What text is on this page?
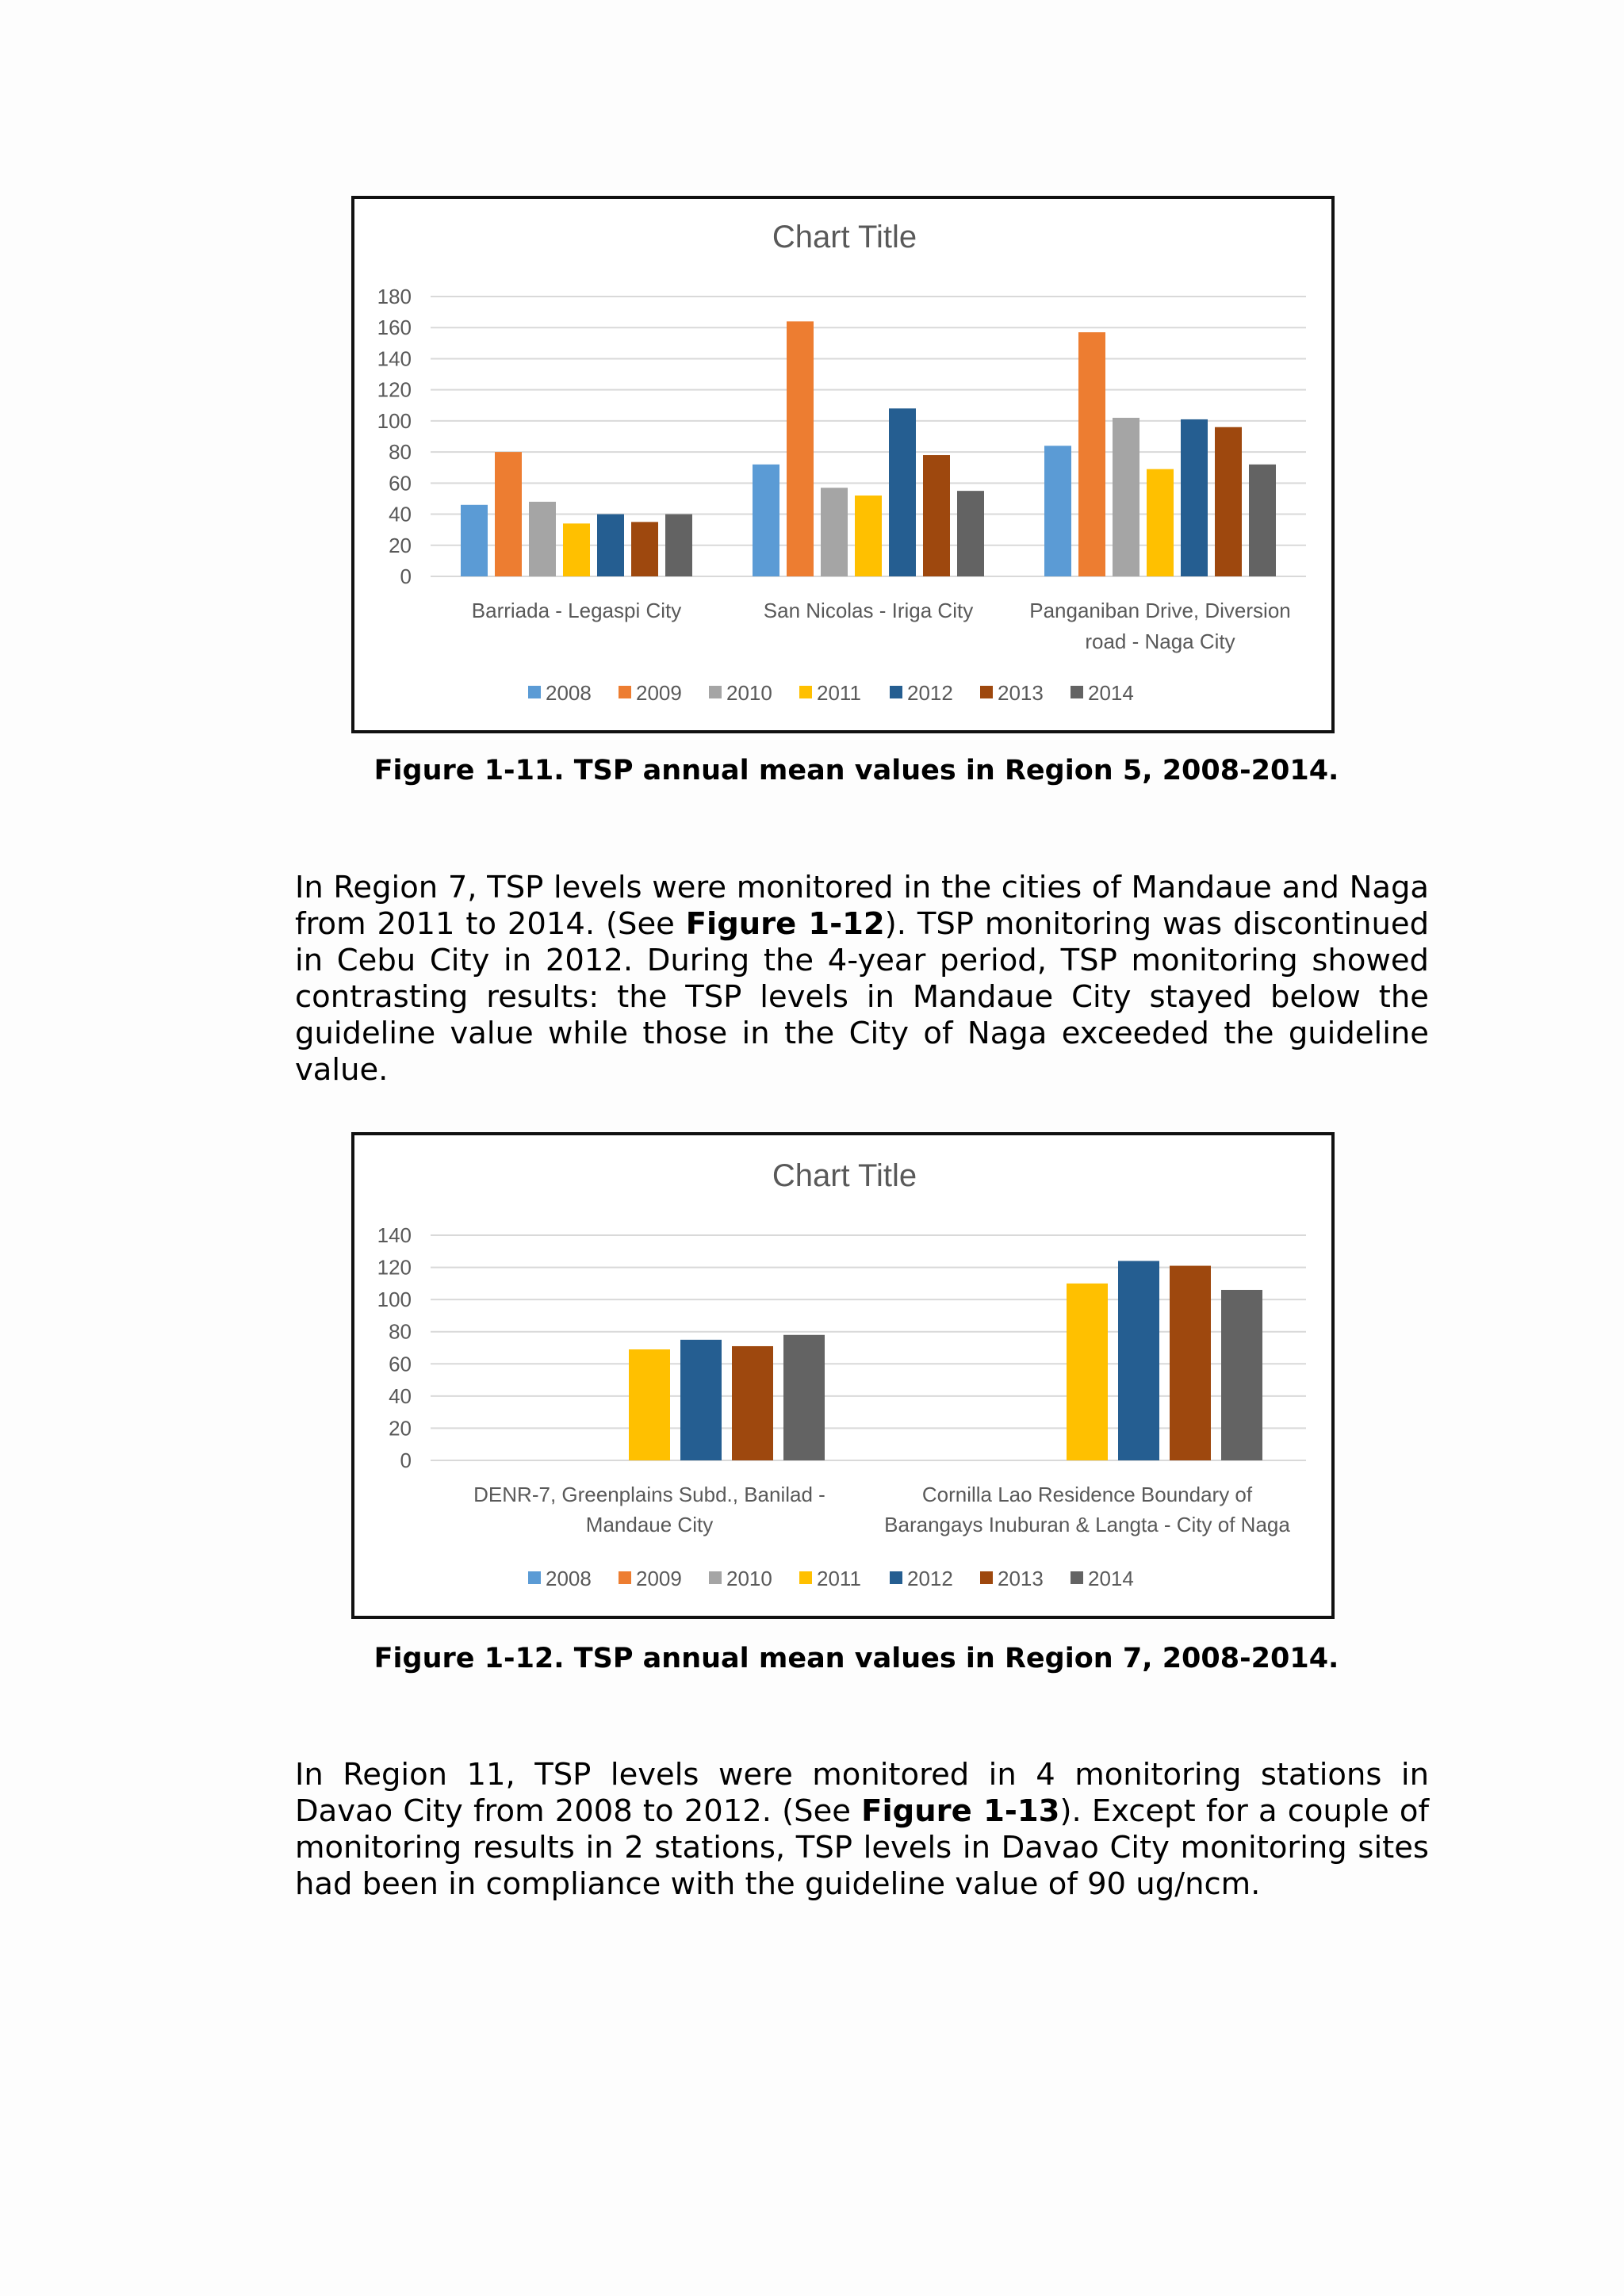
Chart Title
0
20
40
60
80
100
120
140
160
180
Barriada - Legaspi City	San Nicolas - Iriga City	Panganiban Drive, Diversion
road - Naga City
2008 2009 2010 2011 2012 2013 2014
Figure 1-11. TSP annual mean values in Region 5, 2008-2014.

In Region 7, TSP levels were monitored in the cities of Mandaue and Naga from 2011 to 2014. (See Figure 1-12). TSP monitoring was discontinued in Cebu City in 2012. During the 4-year period, TSP monitoring showed contrasting results: the TSP levels in Mandaue City stayed below the guideline value while those in the City of Naga exceeded the guideline value.

Chart Title
0
20
40
60
80
100
120
140
DENR-7, Greenplains Subd., Banilad -
Mandaue City
Cornilla Lao Residence Boundary of
Barangays Inuburan & Langta - City of Naga
2008 2009 2010 2011 2012 2013 2014
Figure 1-12. TSP annual mean values in Region 7, 2008-2014.

In Region 11, TSP levels were monitored in 4 monitoring stations in Davao City from 2008 to 2012. (See Figure 1-13). Except for a couple of monitoring results in 2 stations, TSP levels in Davao City monitoring sites had been in compliance with the guideline value of 90 ug/ncm.
